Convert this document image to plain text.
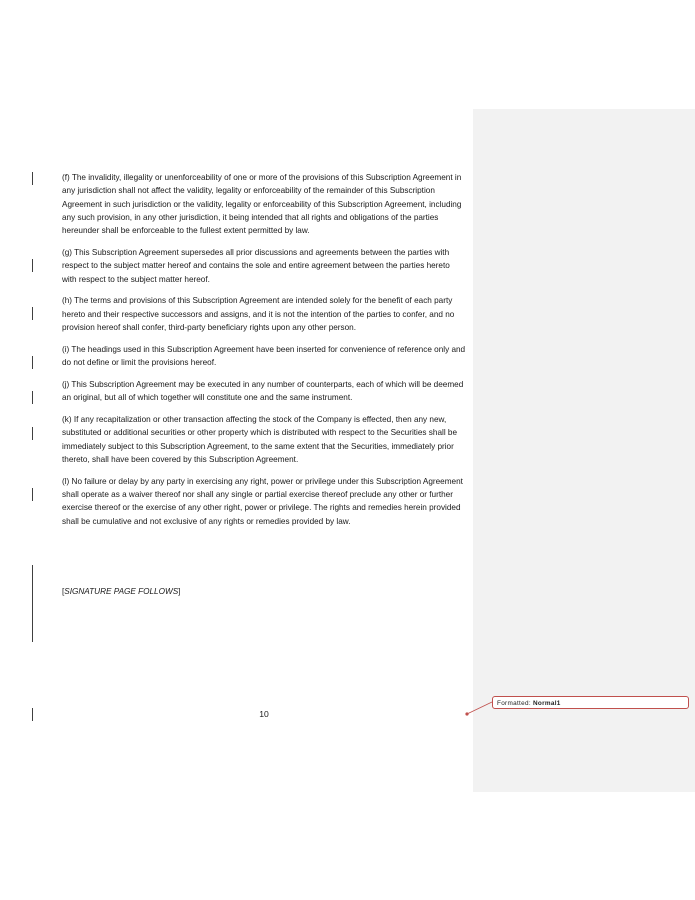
(f) The invalidity, illegality or unenforceability of one or more of the provisions of this Subscription Agreement in any jurisdiction shall not affect the validity, legality or enforceability of the remainder of this Subscription Agreement in such jurisdiction or the validity, legality or enforceability of this Subscription Agreement, including any such provision, in any other jurisdiction, it being intended that all rights and obligations of the parties hereunder shall be enforceable to the fullest extent permitted by law.

(g) This Subscription Agreement supersedes all prior discussions and agreements between the parties with respect to the subject matter hereof and contains the sole and entire agreement between the parties hereto with respect to the subject matter hereof.

(h) The terms and provisions of this Subscription Agreement are intended solely for the benefit of each party hereto and their respective successors and assigns, and it is not the intention of the parties to confer, and no provision hereof shall confer, third-party beneficiary rights upon any other person.

(i) The headings used in this Subscription Agreement have been inserted for convenience of reference only and do not define or limit the provisions hereof.

(j) This Subscription Agreement may be executed in any number of counterparts, each of which will be deemed an original, but all of which together will constitute one and the same instrument.

(k) If any recapitalization or other transaction affecting the stock of the Company is effected, then any new, substituted or additional securities or other property which is distributed with respect to the Securities shall be immediately subject to this Subscription Agreement, to the same extent that the Securities, immediately prior thereto, shall have been covered by this Subscription Agreement.

(l) No failure or delay by any party in exercising any right, power or privilege under this Subscription Agreement shall operate as a waiver thereof nor shall any single or partial exercise thereof preclude any other or further exercise thereof or the exercise of any other right, power or privilege. The rights and remedies herein provided shall be cumulative and not exclusive of any rights or remedies provided by law.

[SIGNATURE PAGE FOLLOWS]
10
Formatted: Normal1
